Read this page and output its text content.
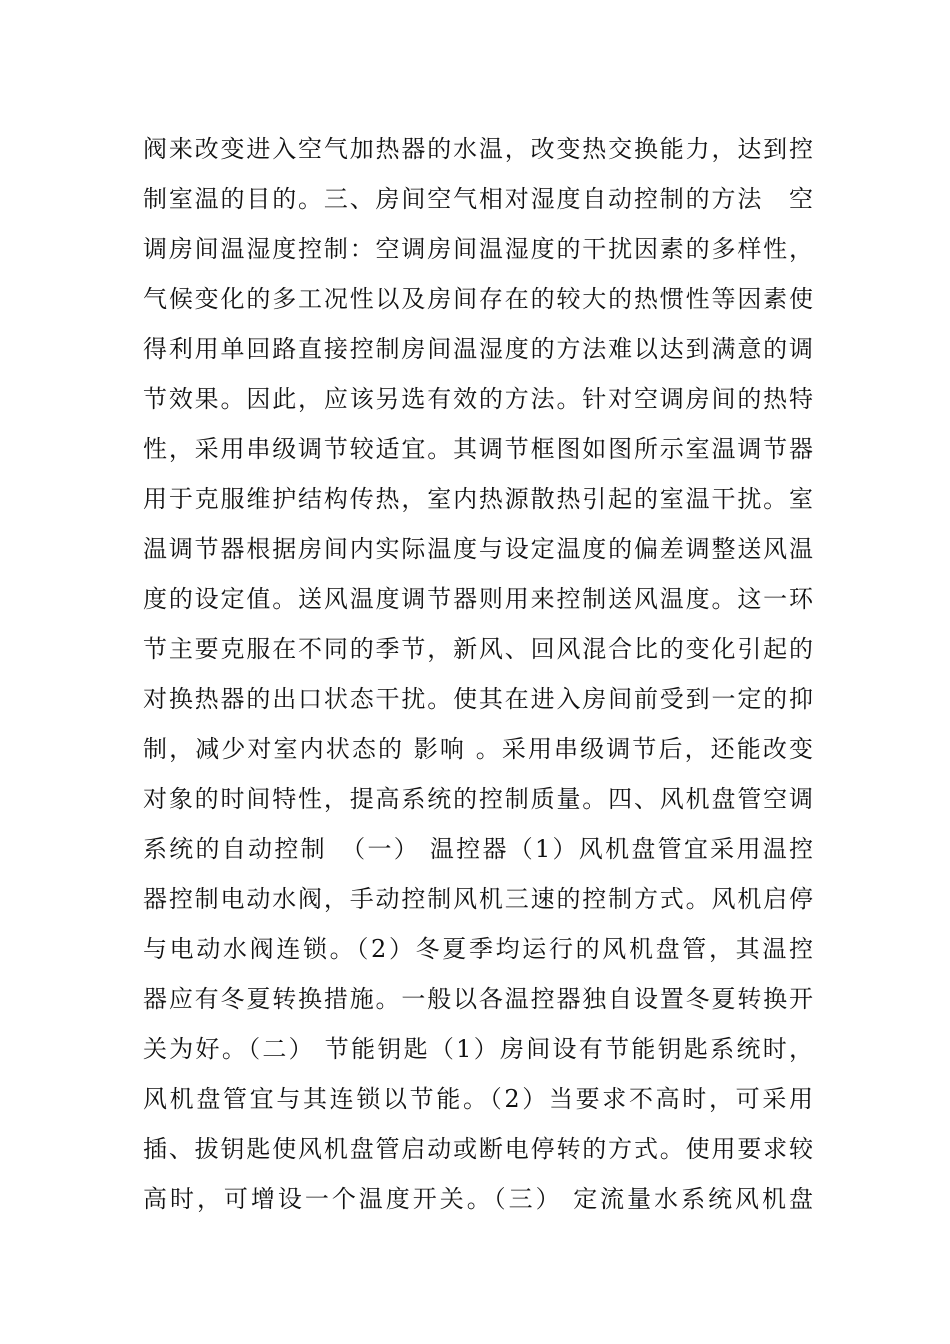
阀来改变进入空气加热器的水温，改变热交换能力，达到控
制室温的目的。三、房间空气相对湿度自动控制的方法　空
调房间温湿度控制：空调房间温湿度的干扰因素的多样性，
气候变化的多工况性以及房间存在的较大的热惯性等因素使
得利用单回路直接控制房间温湿度的方法难以达到满意的调
节效果。因此，应该另选有效的方法。针对空调房间的热特
性，采用串级调节较适宜。其调节框图如图所示室温调节器
用于克服维护结构传热，室内热源散热引起的室温干扰。室
温调节器根据房间内实际温度与设定温度的偏差调整送风温
度的设定值。送风温度调节器则用来控制送风温度。这一环
节主要克服在不同的季节，新风、回风混合比的变化引起的
对换热器的出口状态干扰。使其在进入房间前受到一定的抑
制，减少对室内状态的 影响 。采用串级调节后，还能改变
对象的时间特性，提高系统的控制质量。四、风机盘管空调
系统的自动控制　（一） 温控器（1）风机盘管宜采用温控
器控制电动水阀，手动控制风机三速的控制方式。风机启停
与电动水阀连锁。（2）冬夏季均运行的风机盘管，其温控
器应有冬夏转换措施。一般以各温控器独自设置冬夏转换开
关为好。（二） 节能钥匙（1）房间设有节能钥匙系统时，
风机盘管宜与其连锁以节能。（2）当要求不高时，可采用
插、拔钥匙使风机盘管启动或断电停转的方式。使用要求较
高时，可增设一个温度开关。（三） 定流量水系统风机盘
